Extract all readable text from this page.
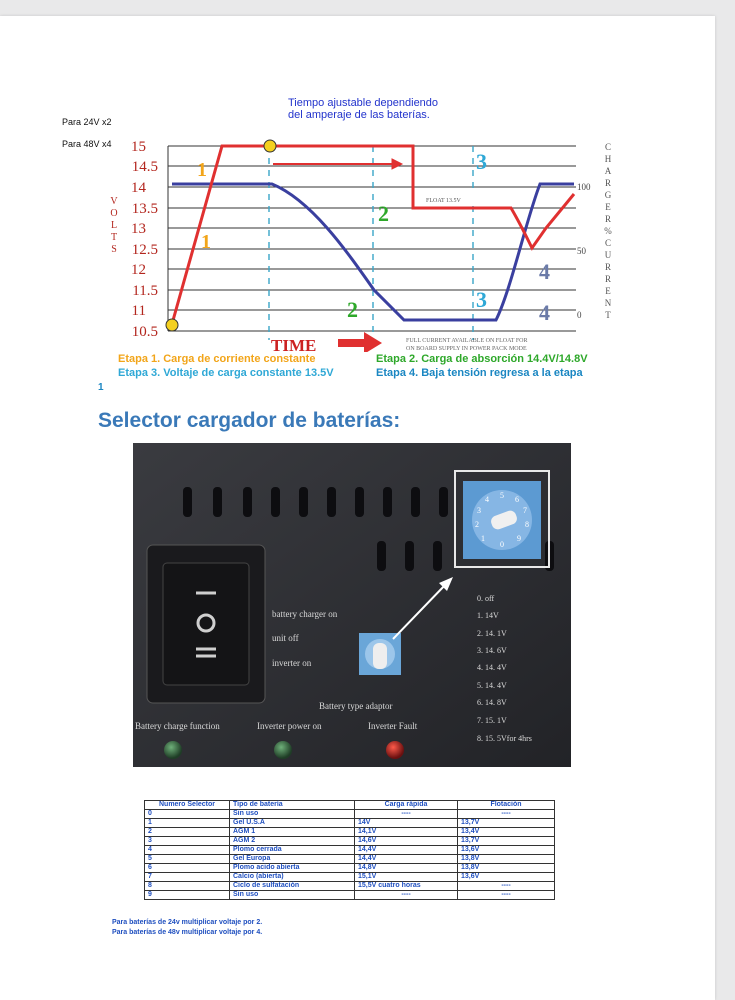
Para 24V x2
Para 48V x4
Tiempo ajustable dependiendo
del amperaje de las baterías.
15
14.5
14
13.5
13
12.5
12
11.5
11
10.5
V
O
L
T
S
100
50
0
C
H
A
R
G
E
R
%
C
U
R
R
E
N
T
FLOAT 13.5V
1
1
2
2
3
3
4
4
TIME	FULL CURRENT AVAILABLE ON FLOAT FOR
ON BOARD SUPPLY IN POWER PACK MODE
Etapa 1. Carga de corriente constante	Etapa 2. Carga de absorción 14.4V/14.8V
Etapa 3. Voltaje de carga constante 13.5V	Etapa 4. Baja tensión regresa a la etapa
1
Selector cargador de baterías:
battery charger on
unit off
inverter on
Battery type adaptor
5 6
7
8
9
4
3
2
1
0
0. off
1. 14V
2. 14. 1V
3. 14. 6V
4. 14. 4V
5. 14. 4V
6. 14. 8V
7. 15. 1V
8. 15. 5Vfor 4hrs
Battery charge function	Inverter power on	Inverter Fault
Numero Selector	Tipo de batería	Carga rápida	Flotación
0	Sin uso	----	----
1	Gel U.S.A	14V	13,7V
2	AGM 1	14,1V	13,4V
3	AGM 2	14,6V	13,7V
4	Plomo cerrada	14,4V	13,6V
5	Gel Europa	14,4V	13,8V
6	Plomo acido abierta	14,8V	13,8V
7	Calcio (abierta)	15,1V	13,6V
8	Ciclo de sulfatación	15,5V cuatro horas	----
9	Sin uso	----	----
Para baterías de 24v multiplicar voltaje por 2.
Para baterías de 48v multiplicar voltaje por 4.
